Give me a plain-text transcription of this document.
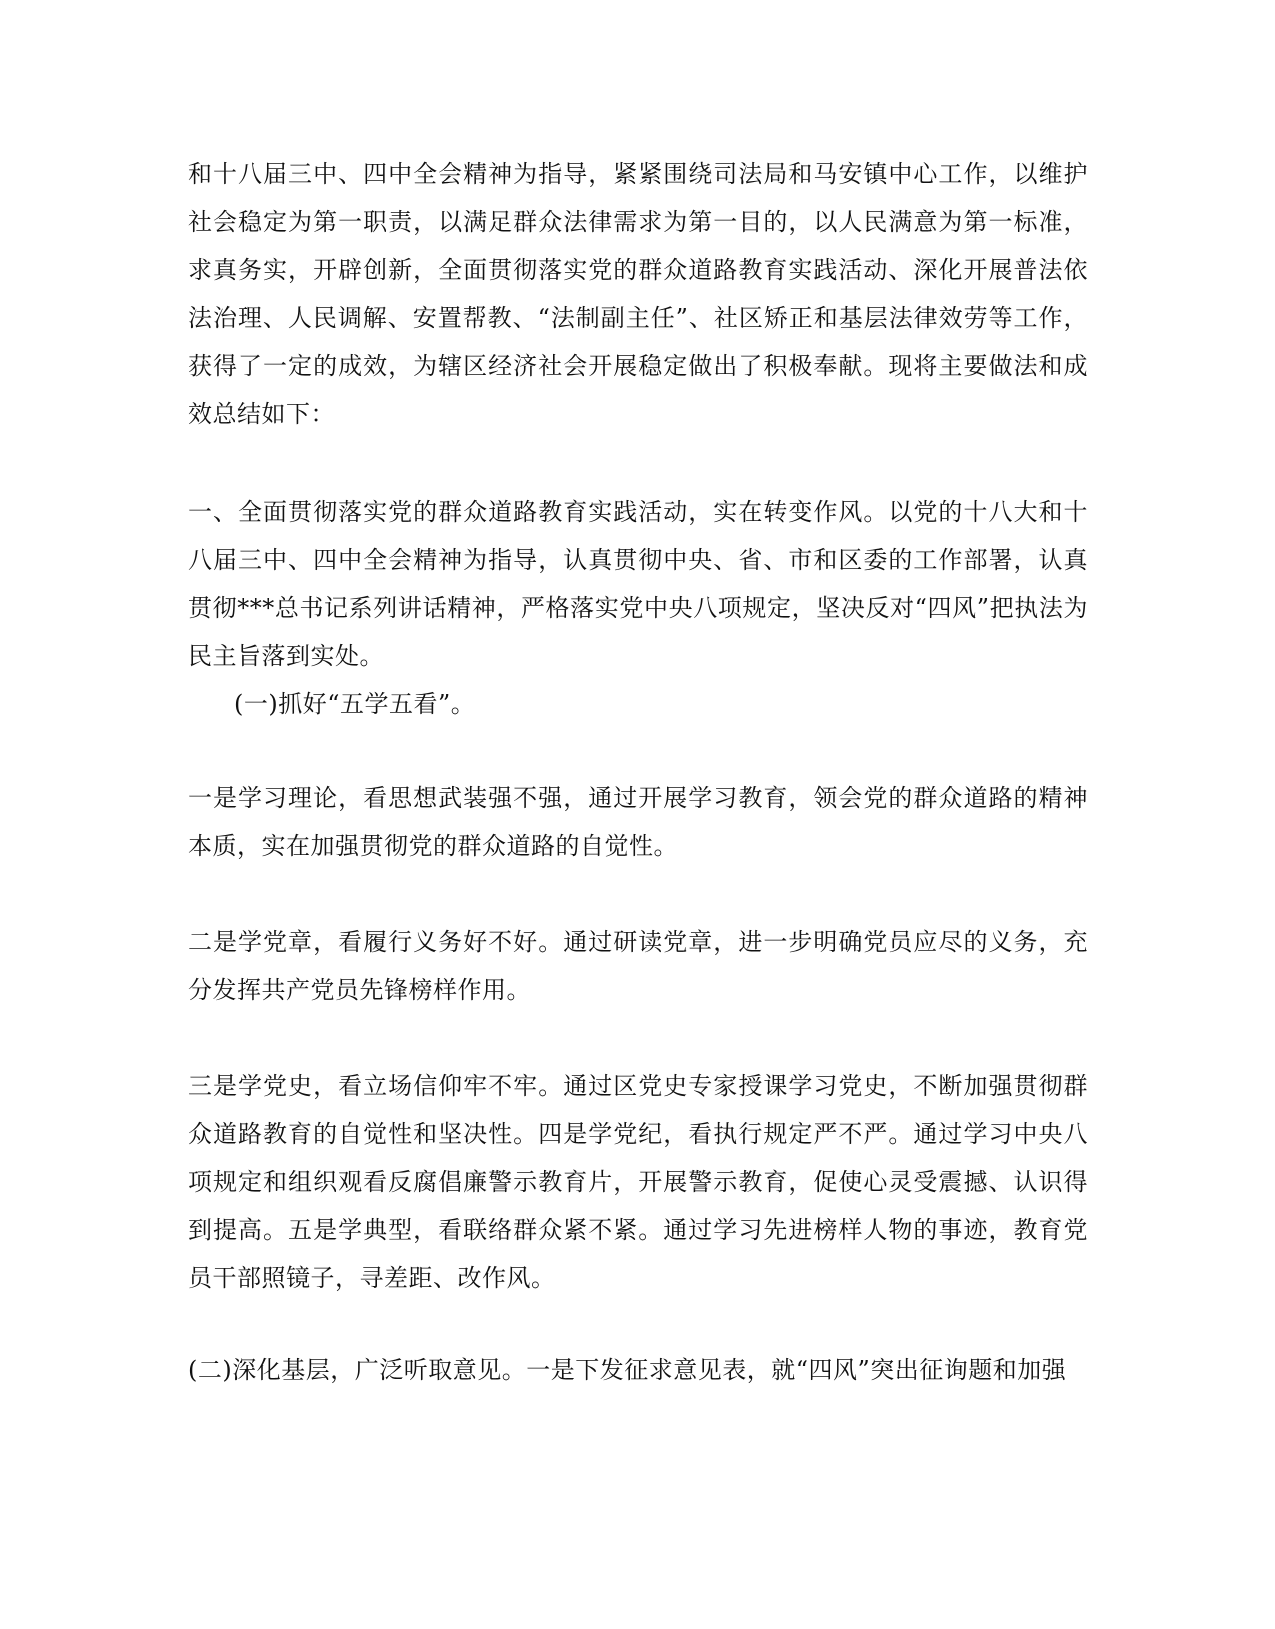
和十八届三中、四中全会精神为指导，紧紧围绕司法局和马安镇中心工作，以维护社会稳定为第一职责，以满足群众法律需求为第一目的，以人民满意为第一标准，求真务实，开辟创新，全面贯彻落实党的群众道路教育实践活动、深化开展普法依法治理、人民调解、安置帮教、“法制副主任”、社区矫正和基层法律效劳等工作，获得了一定的成效，为辖区经济社会开展稳定做出了积极奉献。现将主要做法和成效总结如下：

一、全面贯彻落实党的群众道路教育实践活动，实在转变作风。以党的十八大和十八届三中、四中全会精神为指导，认真贯彻中央、省、市和区委的工作部署，认真贯彻***总书记系列讲话精神，严格落实党中央八项规定，坚决反对“四风”把执法为民主旨落到实处。

(一)抓好“五学五看”。

一是学习理论，看思想武装强不强，通过开展学习教育，领会党的群众道路的精神本质，实在加强贯彻党的群众道路的自觉性。

二是学党章，看履行义务好不好。通过研读党章，进一步明确党员应尽的义务，充分发挥共产党员先锋榜样作用。

三是学党史，看立场信仰牢不牢。通过区党史专家授课学习党史，不断加强贯彻群众道路教育的自觉性和坚决性。四是学党纪，看执行规定严不严。通过学习中央八项规定和组织观看反腐倡廉警示教育片，开展警示教育，促使心灵受震撼、认识得到提高。五是学典型，看联络群众紧不紧。通过学习先进榜样人物的事迹，教育党员干部照镜子，寻差距、改作风。

(二)深化基层，广泛听取意见。一是下发征求意见表，就“四风”突出征询题和加强
